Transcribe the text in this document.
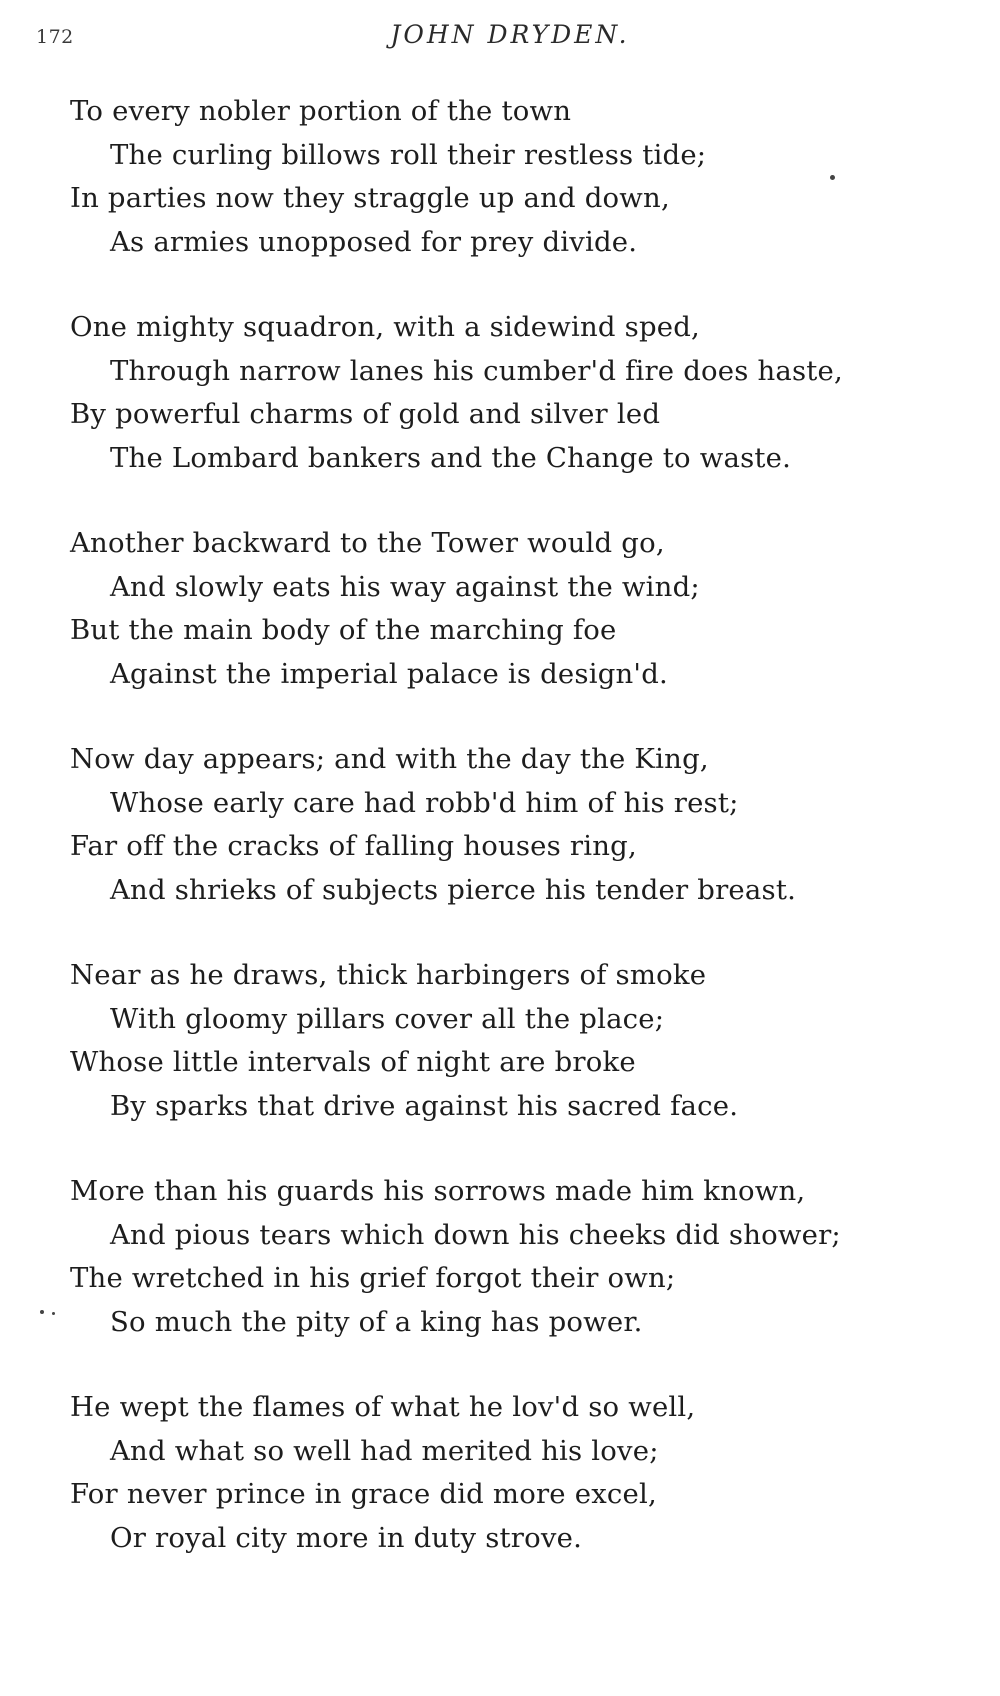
172	JOHN DRYDEN.
To every nobler portion of the town
The curling billows roll their restless tide;
In parties now they straggle up and down,
As armies unopposed for prey divide.
One mighty squadron, with a sidewind sped,
Through narrow lanes his cumber'd fire does haste,
By powerful charms of gold and silver led
The Lombard bankers and the Change to waste.
Another backward to the Tower would go,
And slowly eats his way against the wind;
But the main body of the marching foe
Against the imperial palace is design'd.
Now day appears; and with the day the King,
Whose early care had robb'd him of his rest;
Far off the cracks of falling houses ring,
And shrieks of subjects pierce his tender breast.
Near as he draws, thick harbingers of smoke
With gloomy pillars cover all the place;
Whose little intervals of night are broke
By sparks that drive against his sacred face.
More than his guards his sorrows made him known,
And pious tears which down his cheeks did shower;
The wretched in his grief forgot their own;
So much the pity of a king has power.
He wept the flames of what he lov'd so well,
And what so well had merited his love;
For never prince in grace did more excel,
Or royal city more in duty strove.
